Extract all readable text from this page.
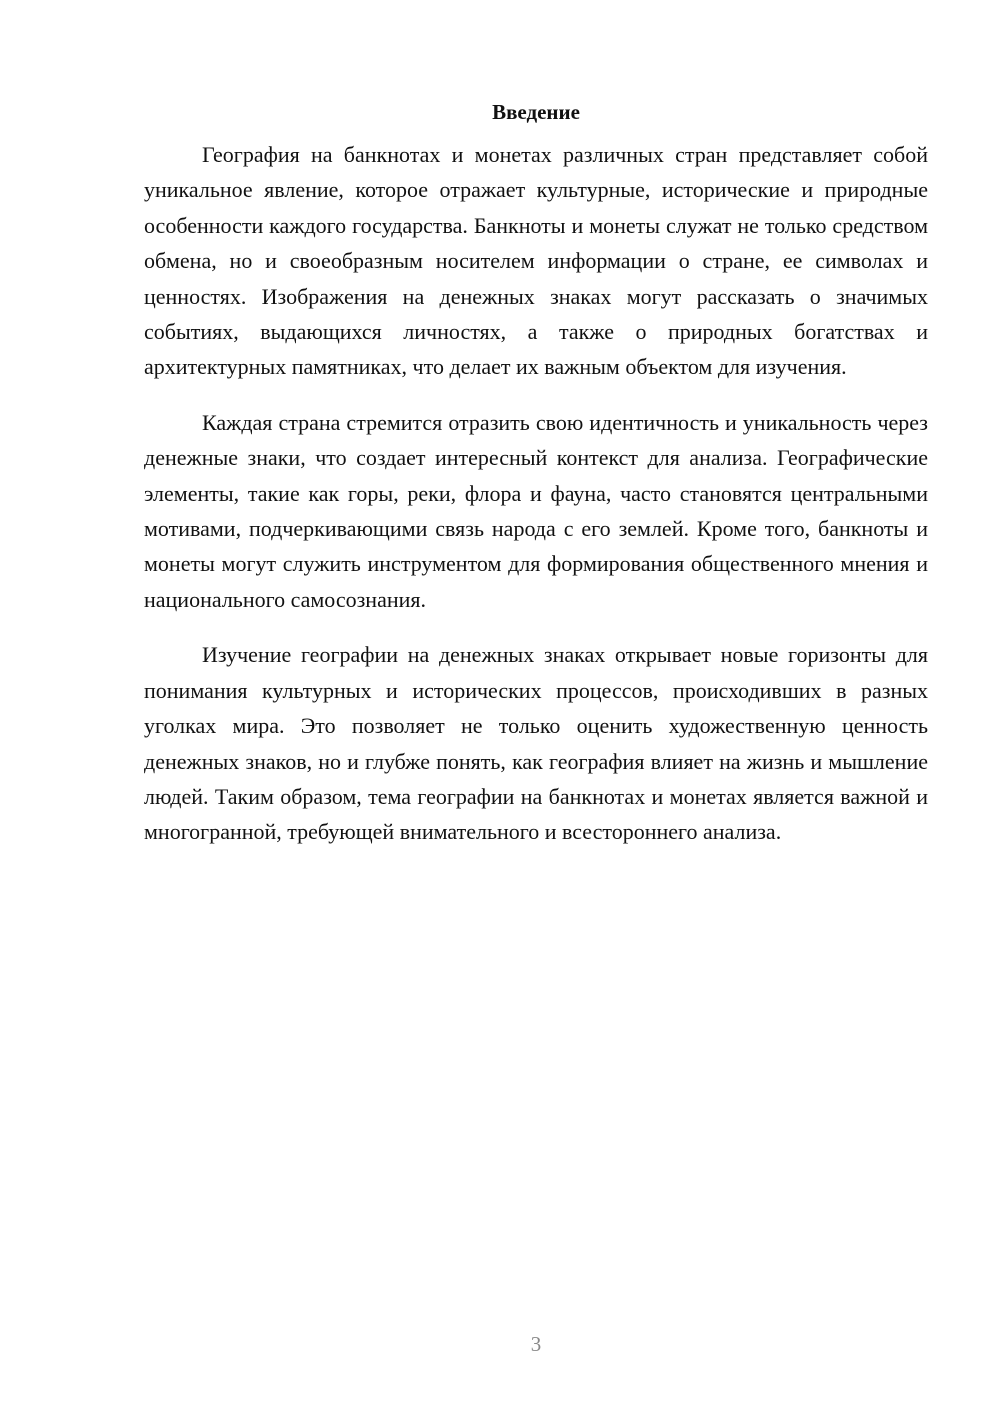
Введение

География на банкнотах и монетах различных стран представляет собой уникальное явление, которое отражает культурные, исторические и природные особенности каждого государства. Банкноты и монеты служат не только средством обмена, но и своеобразным носителем информации о стране, ее символах и ценностях. Изображения на денежных знаках могут рассказать о значимых событиях, выдающихся личностях, а также о природных богатствах и архитектурных памятниках, что делает их важным объектом для изучения.

Каждая страна стремится отразить свою идентичность и уникальность через денежные знаки, что создает интересный контекст для анализа. Географические элементы, такие как горы, реки, флора и фауна, часто становятся центральными мотивами, подчеркивающими связь народа с его землей. Кроме того, банкноты и монеты могут служить инструментом для формирования общественного мнения и национального самосознания.

Изучение географии на денежных знаках открывает новые горизонты для понимания культурных и исторических процессов, происходивших в разных уголках мира. Это позволяет не только оценить художественную ценность денежных знаков, но и глубже понять, как география влияет на жизнь и мышление людей. Таким образом, тема географии на банкнотах и монетах является важной и многогранной, требующей внимательного и всестороннего анализа.

3
